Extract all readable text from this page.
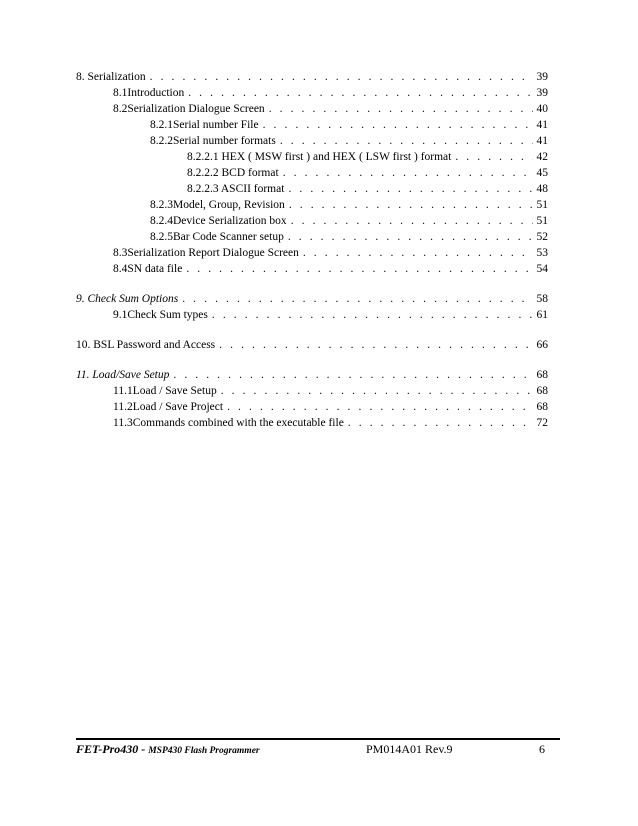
8. Serialization . . .	39
8.1 Introduction . . .	39
8.2 Serialization Dialogue Screen . . .	40
8.2.1 Serial number File . . .	41
8.2.2 Serial number formats . . .	41
8.2.2.1 HEX ( MSW first ) and HEX ( LSW first ) format . . .	42
8.2.2.2 BCD format . . .	45
8.2.2.3 ASCII format . . .	48
8.2.3 Model, Group, Revision . . .	51
8.2.4 Device Serialization box . . .	51
8.2.5 Bar Code Scanner setup . . .	52
8.3 Serialization Report Dialogue Screen . . .	53
8.4 SN data file . . .	54
9. Check Sum Options . . .	58
9.1 Check Sum types . . .	61
10. BSL Password and Access . . .	66
11. Load/Save Setup . . .	68
11.1 Load / Save Setup . . .	68
11.2 Load / Save Project . . .	68
11.3 Commands combined with the executable file . . .	72
FET-Pro430 - MSP430 Flash Programmer	PM014A01 Rev.9	6
